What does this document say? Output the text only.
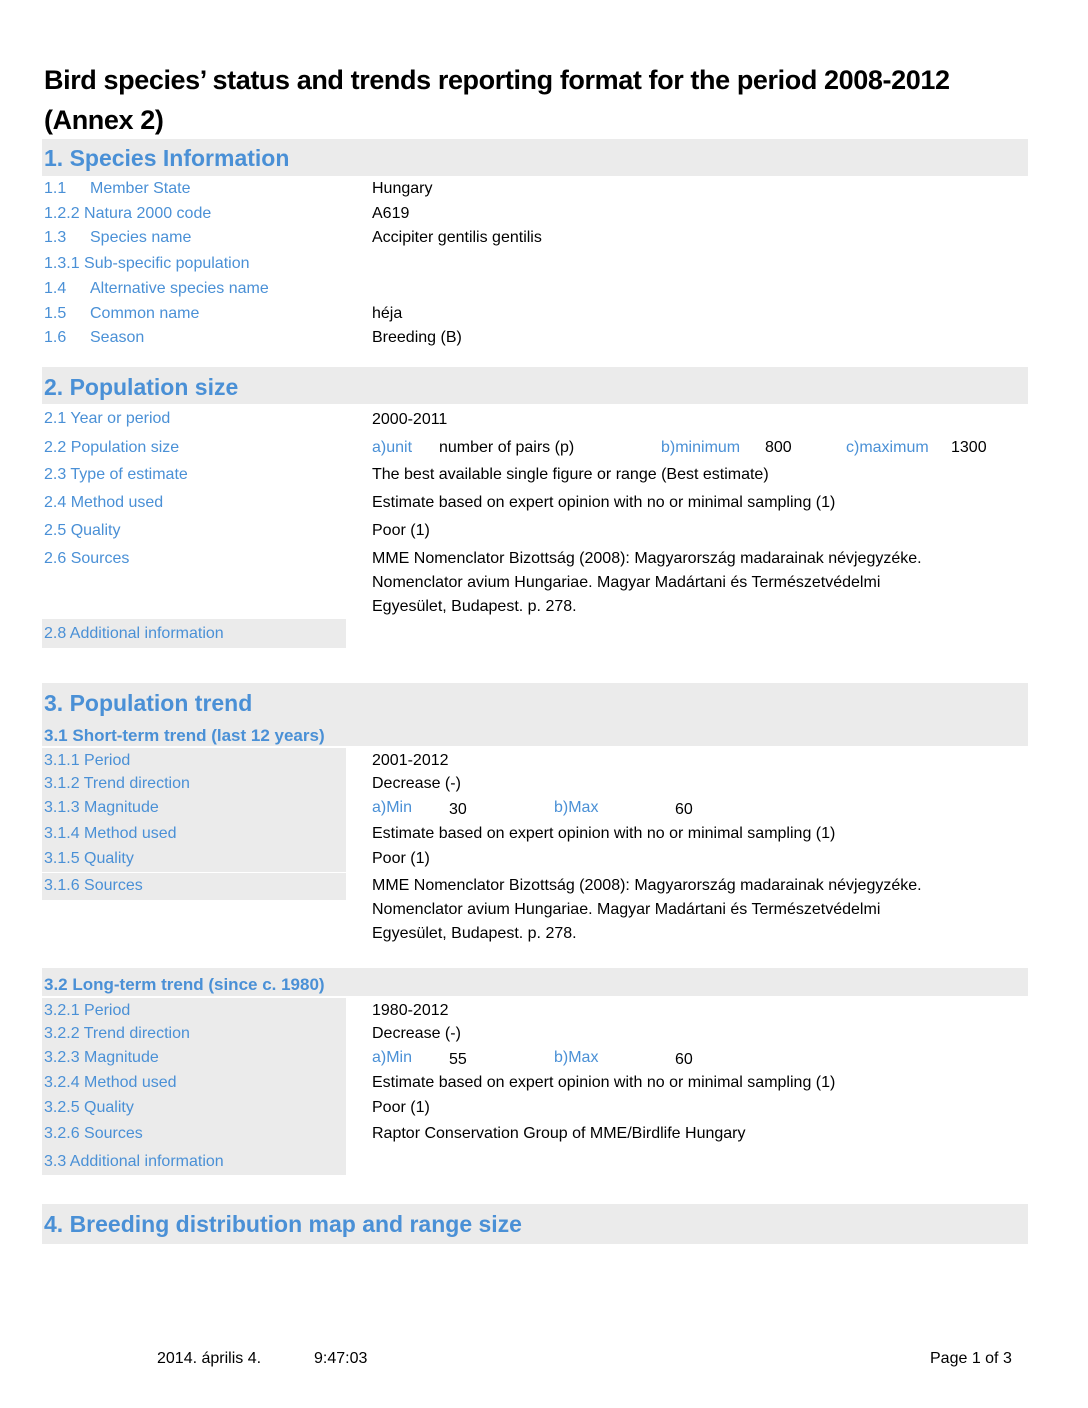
Bird species’ status and trends reporting format for the period 2008-2012
(Annex 2)
1. Species Information
1.1 Member State	Hungary
1.2.2 Natura 2000 code	A619
1.3 Species name	Accipiter gentilis gentilis
1.3.1 Sub-specific population
1.4 Alternative species name
1.5 Common name	héja
1.6 Season	Breeding (B)
2. Population size
2.1 Year or period	2000-2011
2.2 Population size	a)unit number of pairs (p)	b)minimum 800	c)maximum 1300
2.3 Type of estimate	The best available single figure or range (Best estimate)
2.4 Method used	Estimate based on expert opinion with no or minimal sampling (1)
2.5 Quality	Poor (1)
2.6 Sources	MME Nomenclator Bizottság (2008): Magyarország madarainak névjegyzéke.
Nomenclator avium Hungariae. Magyar Madártani és Természetvédelmi
Egyesület, Budapest. p. 278.
2.8 Additional information
3. Population trend
3.1 Short-term trend (last 12 years)
3.1.1 Period	2001-2012
3.1.2 Trend direction	Decrease (-)
3.1.3 Magnitude	a)Min 30	b)Max	60
3.1.4 Method used	Estimate based on expert opinion with no or minimal sampling (1)
3.1.5 Quality	Poor (1)
3.1.6 Sources	MME Nomenclator Bizottság (2008): Magyarország madarainak névjegyzéke.
Nomenclator avium Hungariae. Magyar Madártani és Természetvédelmi
Egyesület, Budapest. p. 278.
3.2 Long-term trend (since c. 1980)
3.2.1 Period	1980-2012
3.2.2 Trend direction	Decrease (-)
3.2.3 Magnitude	a)Min 55	b)Max	60
3.2.4 Method used	Estimate based on expert opinion with no or minimal sampling (1)
3.2.5 Quality	Poor (1)
3.2.6 Sources	Raptor Conservation Group of MME/Birdlife Hungary
3.3 Additional information
4. Breeding distribution map and range size
2014. április 4.	9:47:03	Page 1 of 3
